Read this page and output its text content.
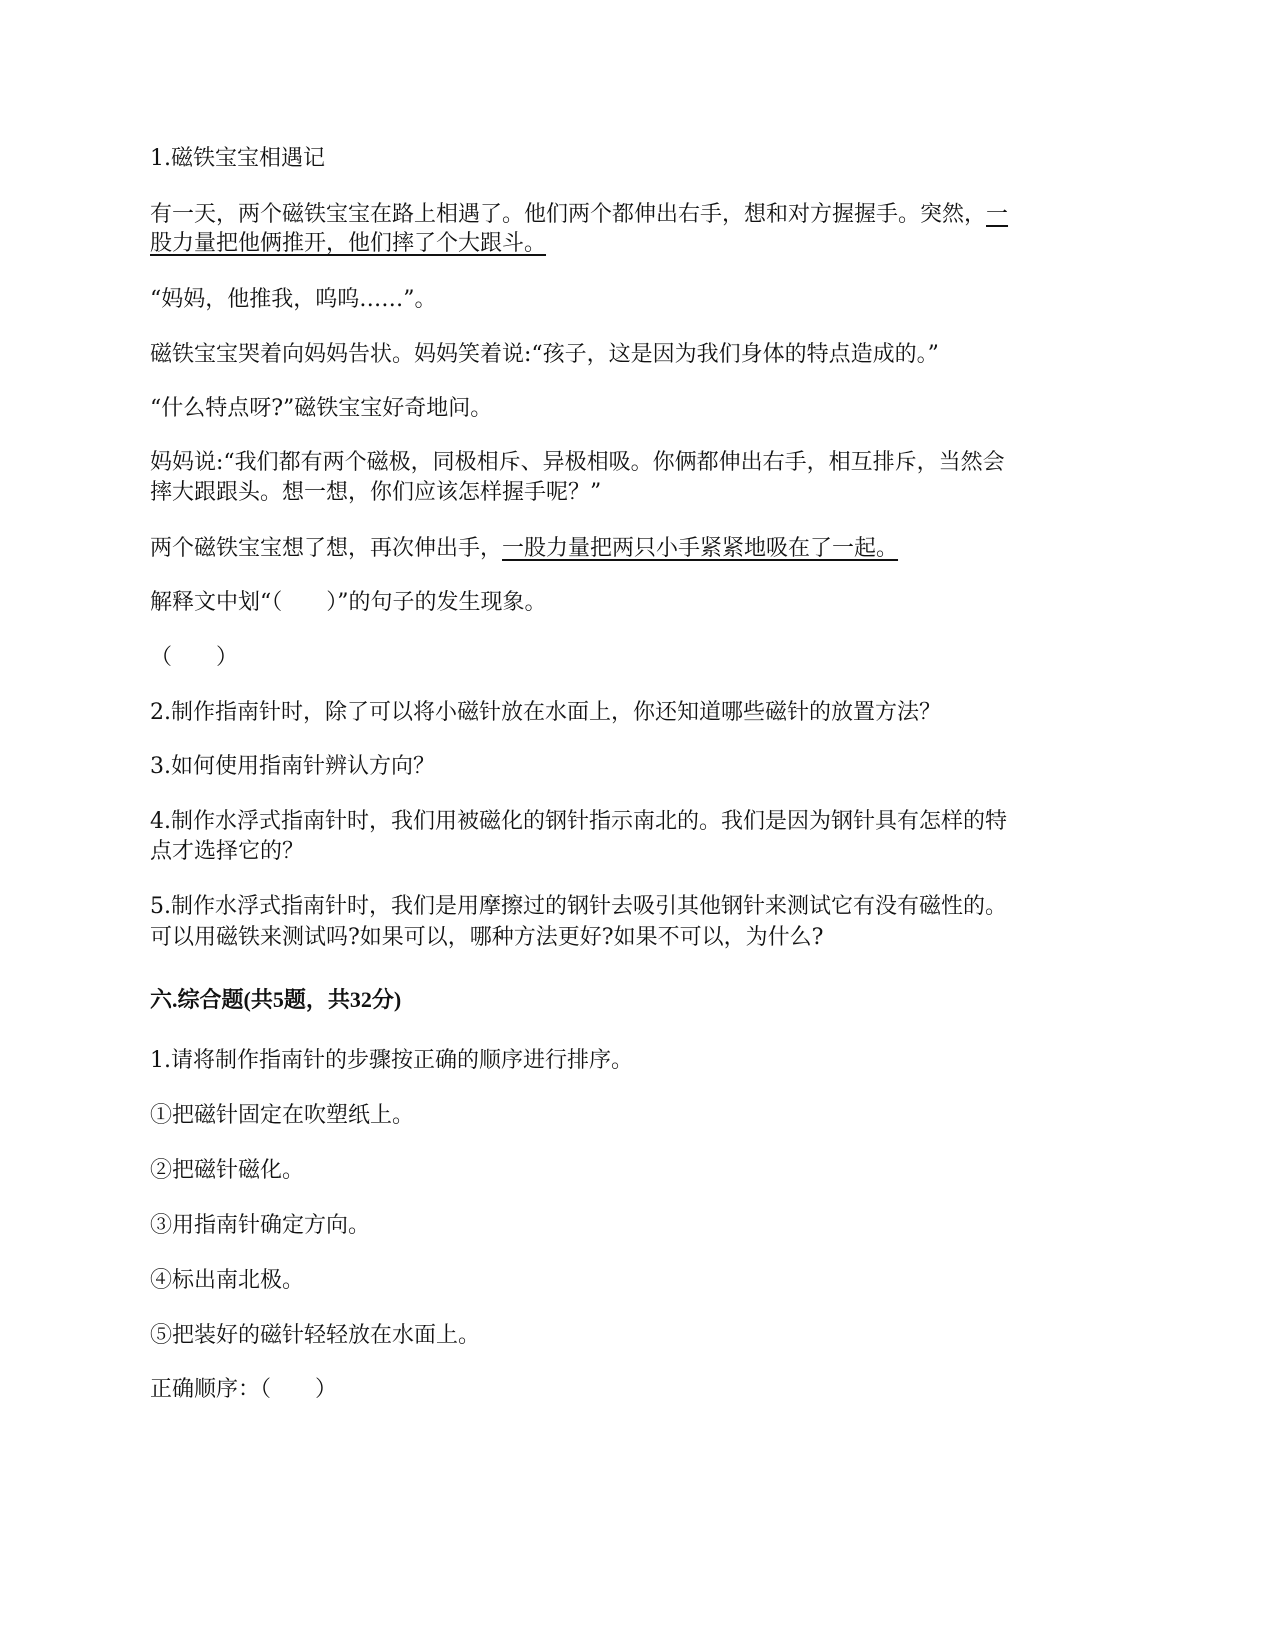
1.磁铁宝宝相遇记
有一天，两个磁铁宝宝在路上相遇了。他们两个都伸出右手，想和对方握握手。突然，一
股力量把他俩推开，他们摔了个大跟斗。
“妈妈，他推我，呜呜……”。
磁铁宝宝哭着向妈妈告状。妈妈笑着说:“孩子，这是因为我们身体的特点造成的。”
“什么特点呀?”磁铁宝宝好奇地问。
妈妈说:“我们都有两个磁极，同极相斥、异极相吸。你俩都伸出右手，相互排斥，当然会
摔大跟跟头。想一想，你们应该怎样握手呢？”
两个磁铁宝宝想了想，再次伸出手，一股力量把两只小手紧紧地吸在了一起。
解释文中划“（　　）”的句子的发生现象。
（　　）
2.制作指南针时，除了可以将小磁针放在水面上，你还知道哪些磁针的放置方法？
3.如何使用指南针辨认方向？
4.制作水浮式指南针时，我们用被磁化的钢针指示南北的。我们是因为钢针具有怎样的特
点才选择它的？
5.制作水浮式指南针时，我们是用摩擦过的钢针去吸引其他钢针来测试它有没有磁性的。
可以用磁铁来测试吗?如果可以，哪种方法更好?如果不可以，为什么?
六.综合题(共5题，共32分)
1.请将制作指南针的步骤按正确的顺序进行排序。
①把磁针固定在吹塑纸上。
②把磁针磁化。
③用指南针确定方向。
④标出南北极。
⑤把装好的磁针轻轻放在水面上。
正确顺序：（　　）
